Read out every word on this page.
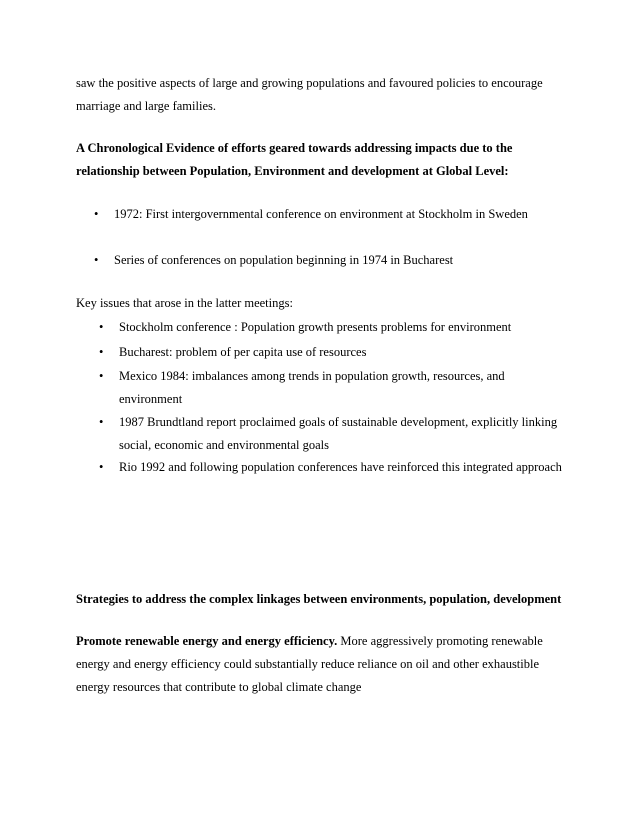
saw the positive aspects of large and growing populations and favoured policies to encourage marriage and large families.

A Chronological Evidence of efforts geared towards addressing impacts due to the relationship between Population, Environment and development at Global Level:

• 1972: First intergovernmental conference on environment at Stockholm in Sweden
• Series of conferences on population beginning in 1974 in Bucharest

Key issues that arose in the latter meetings:

• Stockholm conference : Population growth presents problems for environment
• Bucharest: problem of per capita use of resources
• Mexico 1984: imbalances among trends in population growth, resources, and environment
• 1987 Brundtland report proclaimed goals of sustainable development, explicitly linking social, economic and environmental goals
• Rio 1992 and following population conferences have reinforced this integrated approach

Strategies to address the complex linkages between environments, population, development

Promote renewable energy and energy efficiency. More aggressively promoting renewable energy and energy efficiency could substantially reduce reliance on oil and other exhaustible energy resources that contribute to global climate change
